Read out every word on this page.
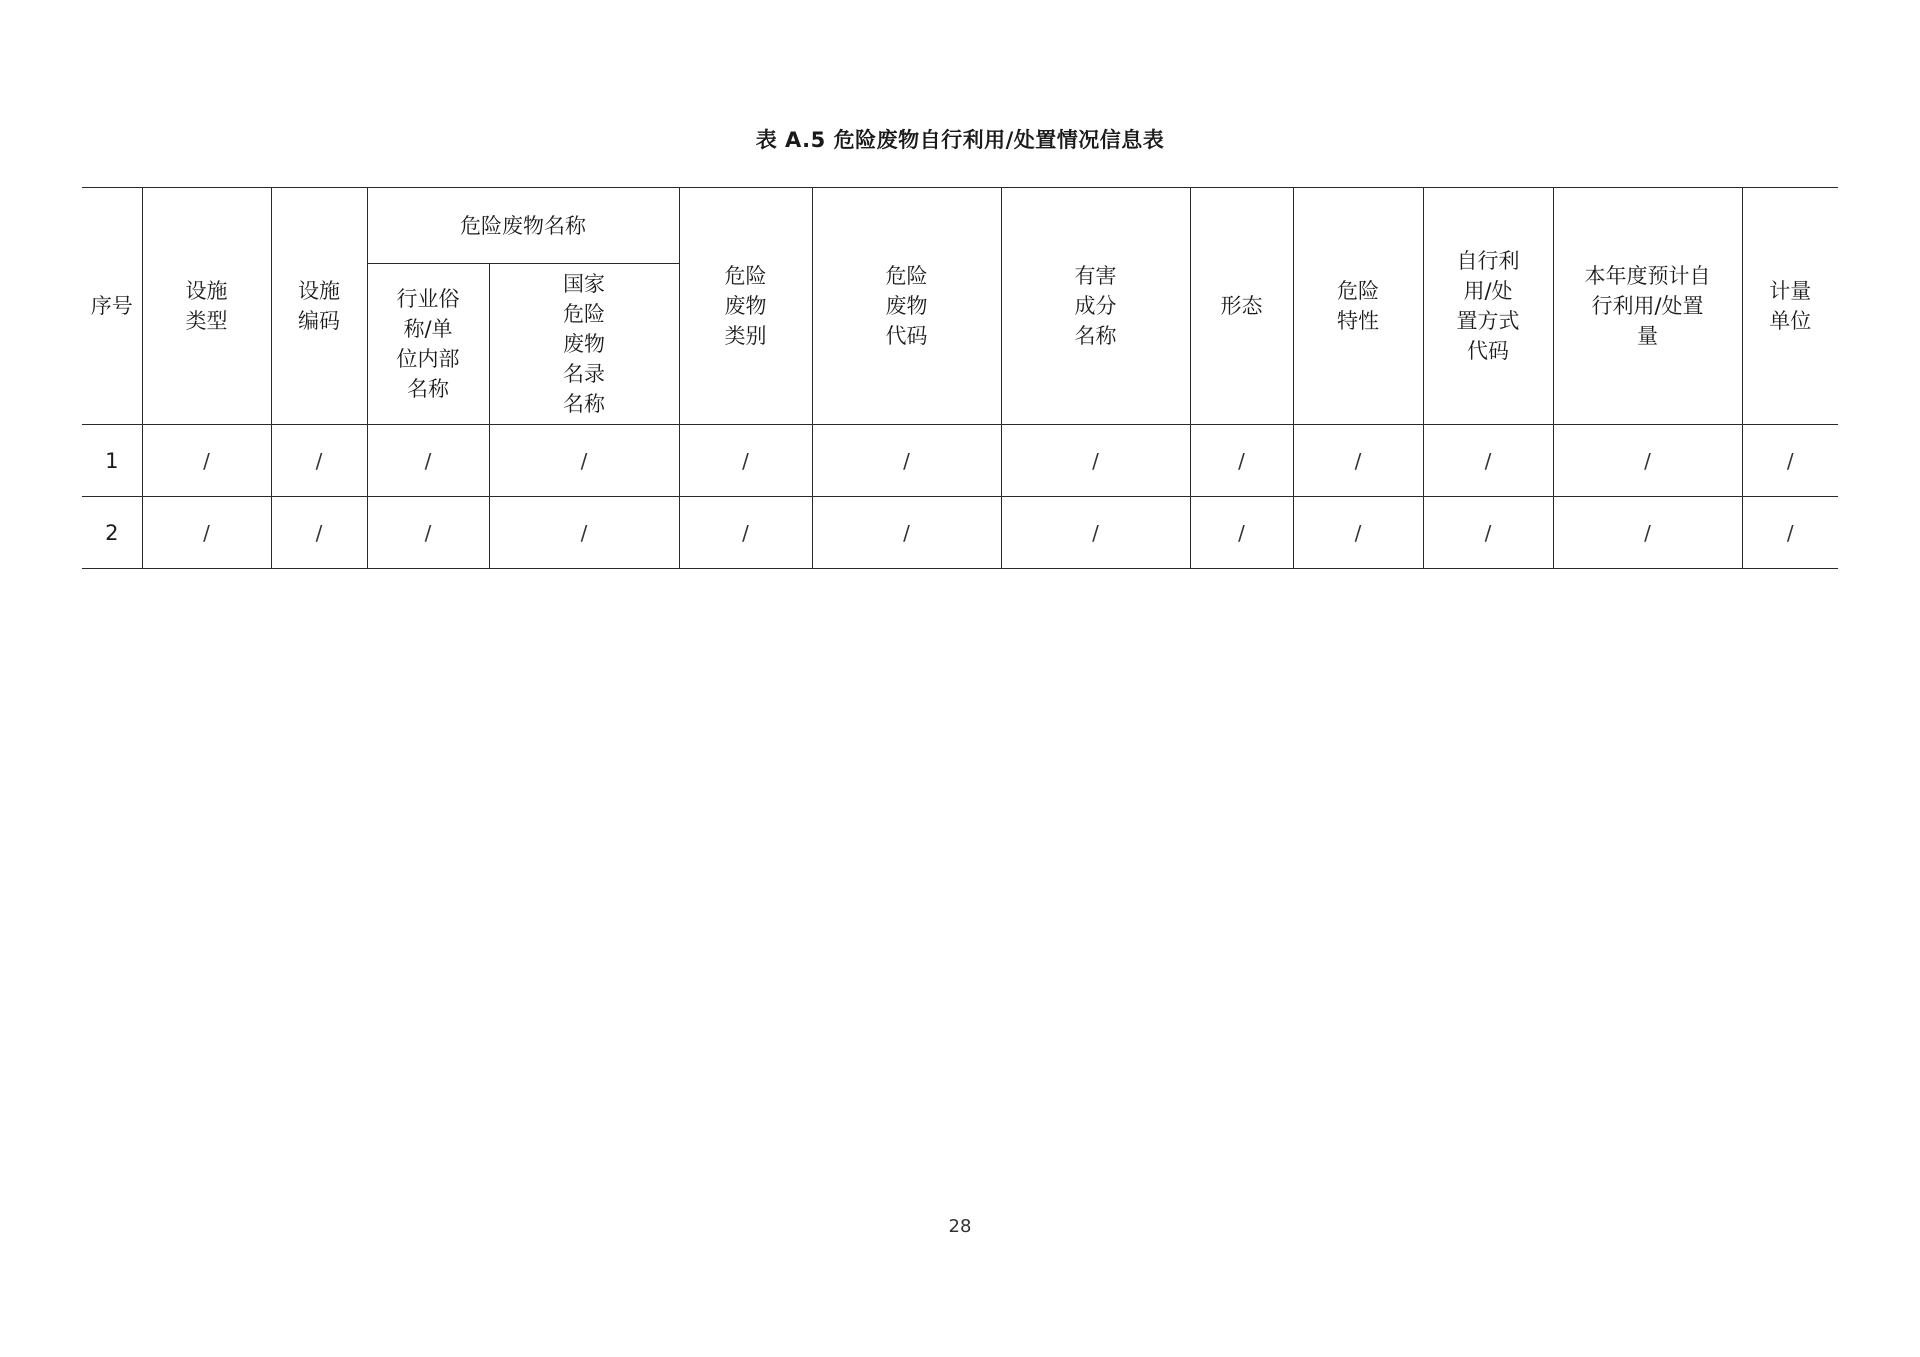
表 A.5 危险废物自行利用/处置情况信息表
序号	设施类型	设施编码	危险废物名称		危险废物类别	危险废物代码	有害成分名称	形态	危险特性	自行利用/处置方式代码	本年度预计自行利用/处置量	计量单位
			行业俗称/单位内部名称	国家危险废物名录名称								
1	/	/	/	/	/	/	/	/	/	/	/	/
2	/	/	/	/	/	/	/	/	/	/	/	/
28
